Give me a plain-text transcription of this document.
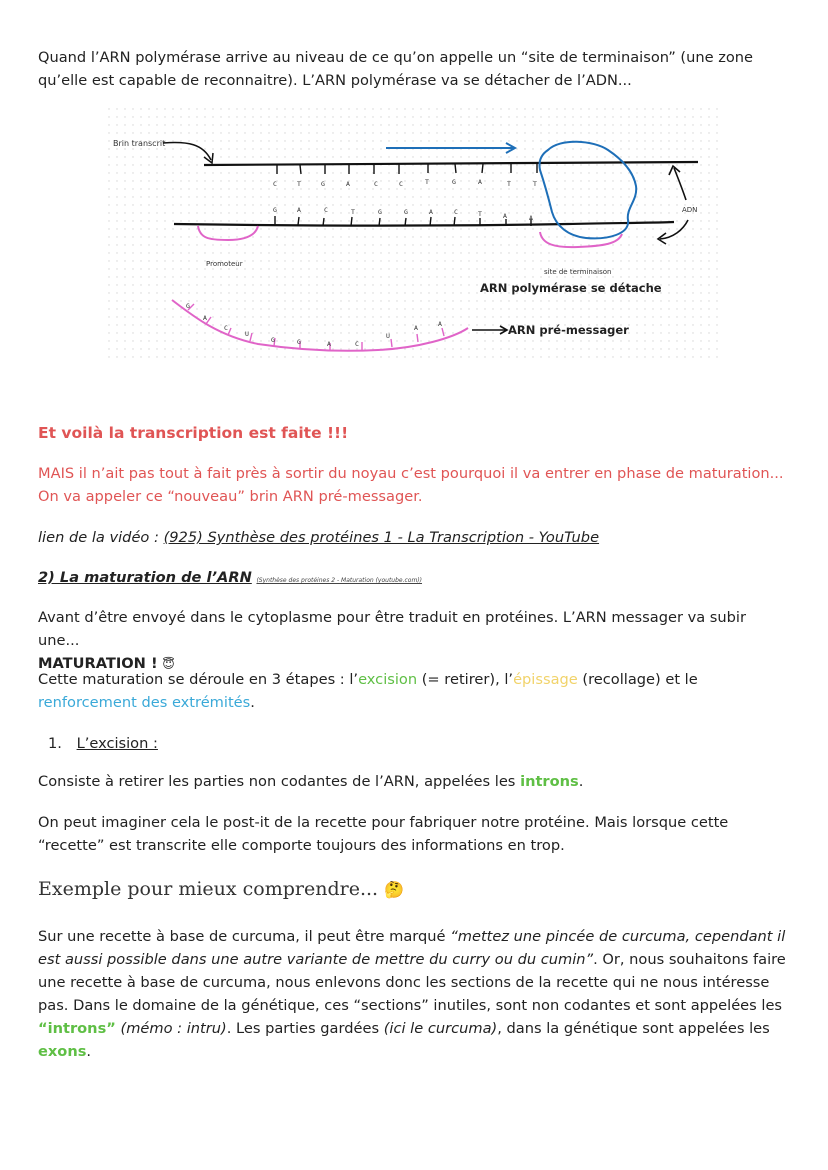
Quand l’ARN polymérase arrive au niveau de ce qu’on appelle un “site de terminaison” (une zone qu’elle est capable de reconnaitre). L’ARN polymérase va se détacher de l’ADN...

Brin transcrit
C	T	G	A	C	C	T	G	A	T	T
G	A	C	T	G	G	A	C	T	A	A
ADN
Promoteur
site de terminaison
ARN polymérase se détache
G
A
C
U
G	G	A	C
U
A	A	ARN pré-messager

Et voilà la transcription est faite !!!

MAIS il n’ait pas tout à fait près à sortir du noyau c’est pourquoi il va entrer en phase de maturation... On va appeler ce “nouveau” brin ARN pré-messager.

lien de la vidéo : (925) Synthèse des protéines 1 - La Transcription - YouTube

2) La maturation de l’ARN (Synthèse des protéines 2 - Maturation (youtube.com))

Avant d’être envoyé dans le cytoplasme pour être traduit en protéines. L’ARN messager va subir une...
MATURATION ! 😇

Cette maturation se déroule en 3 étapes : l’excision (= retirer), l’épissage (recollage) et le renforcement des extrémités.

1. L’excision :

Consiste à retirer les parties non codantes de l’ARN, appelées les introns.

On peut imaginer cela le post-it de la recette pour fabriquer notre protéine. Mais lorsque cette “recette” est transcrite elle comporte toujours des informations en trop.

Exemple pour mieux comprendre... 🤔

Sur une recette à base de curcuma, il peut être marqué “mettez une pincée de curcuma, cependant il est aussi possible dans une autre variante de mettre du curry ou du cumin”. Or, nous souhaitons faire une recette à base de curcuma, nous enlevons donc les sections de la recette qui ne nous intéresse pas. Dans le domaine de la génétique, ces “sections” inutiles, sont non codantes et sont appelées les “introns” (mémo : intru). Les parties gardées (ici le curcuma), dans la génétique sont appelées les exons.
